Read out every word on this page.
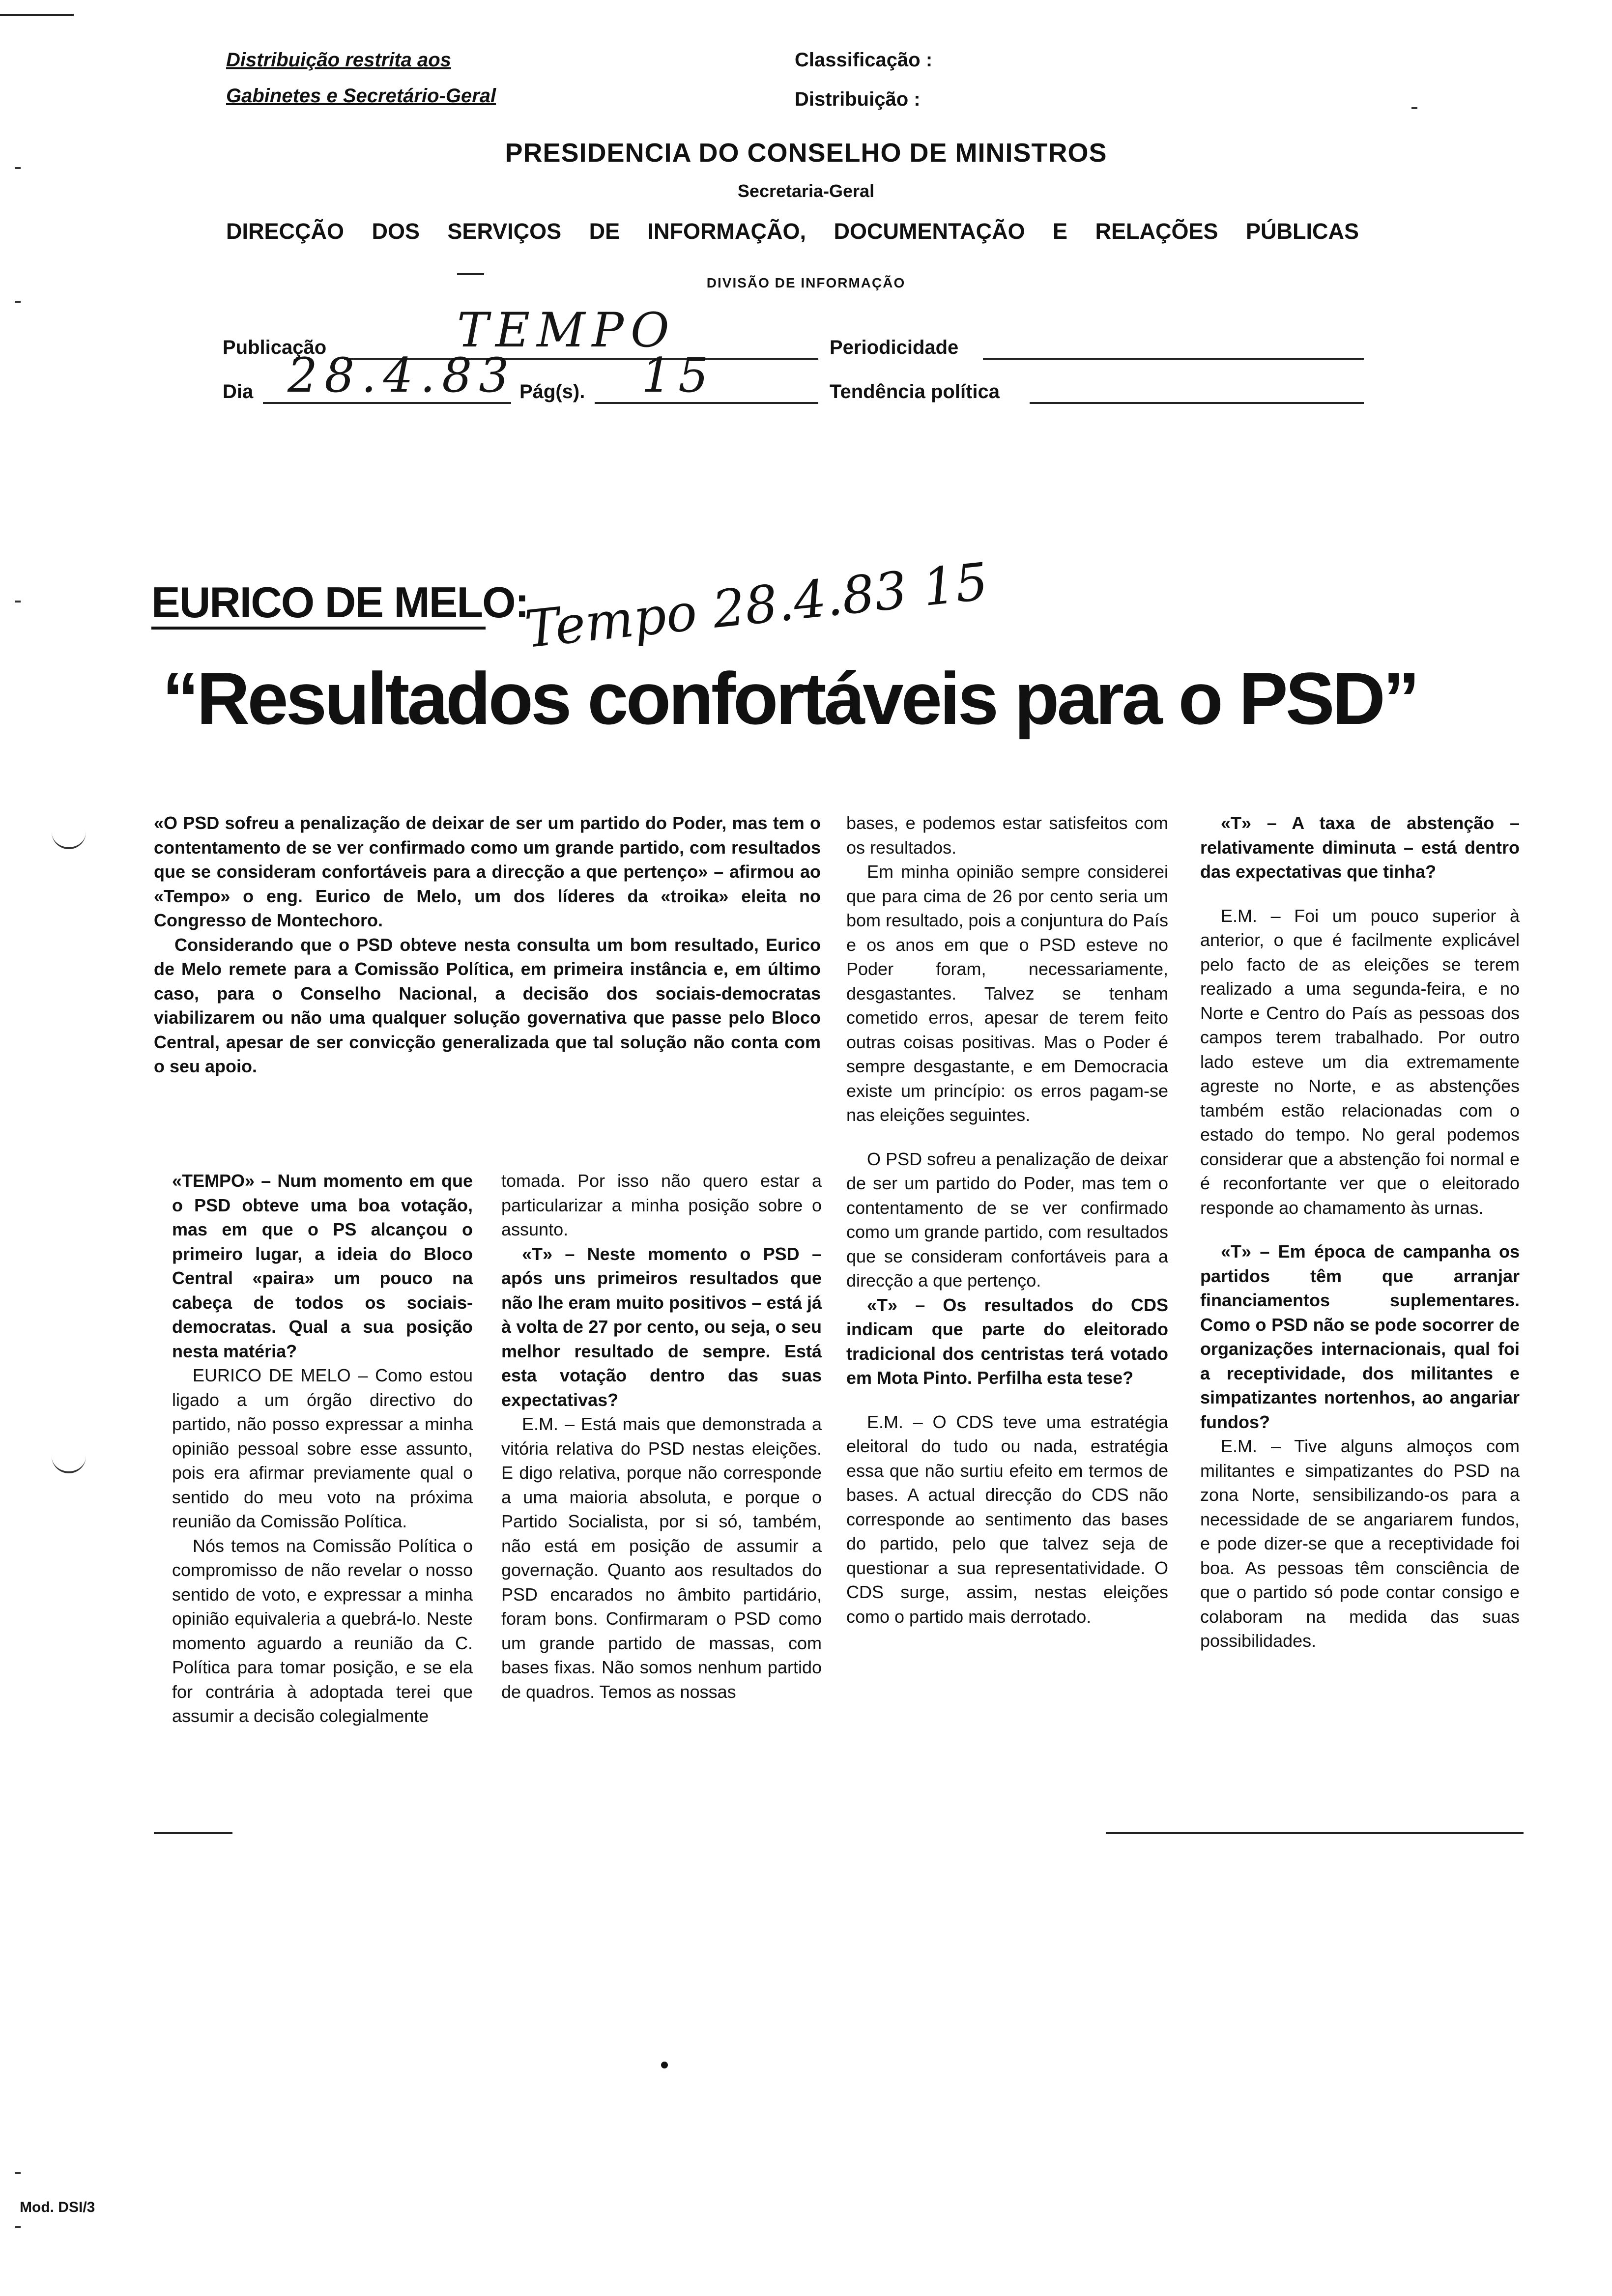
Distribuição restrita aos
Gabinetes e Secretário-Geral
Classificação :
Distribuição :
PRESIDENCIA DO CONSELHO DE MINISTROS
Secretaria-Geral
DIRECÇÃO DOS SERVIÇOS DE INFORMAÇÃO, DOCUMENTAÇÃO E RELAÇÕES PÚBLICAS
DIVISÃO DE INFORMAÇÃO
Publicação	TEMPO	Periodicidade
Dia 28.4.83 Pág(s). 15	Tendência política
EURICO DE MELO:
Tempo 28.4.83 15
“Resultados confortáveis para o PSD”

«O PSD sofreu a penalização de deixar de ser um partido do Poder, mas tem o contentamento de se ver confirmado como um grande partido, com resultados que se consideram confortáveis para a direcção a que pertenço» – afirmou ao «Tempo» o eng. Eurico de Melo, um dos líderes da «troika» eleita no Congresso de Montechoro.

Considerando que o PSD obteve nesta consulta um bom resultado, Eurico de Melo remete para a Comissão Política, em primeira instância e, em último caso, para o Conselho Nacional, a decisão dos sociais-democratas viabilizarem ou não uma qualquer solução governativa que passe pelo Bloco Central, apesar de ser convicção generalizada que tal solução não conta com o seu apoio.

«TEMPO» – Num momento em que o PSD obteve uma boa votação, mas em que o PS alcançou o primeiro lugar, a ideia do Bloco Central «paira» um pouco na cabeça de todos os sociais-democratas. Qual a sua posição nesta matéria?

EURICO DE MELO – Como estou ligado a um órgão directivo do partido, não posso expressar a minha opinião pessoal sobre esse assunto, pois era afirmar previamente qual o sentido do meu voto na próxima reunião da Comissão Política.

Nós temos na Comissão Política o compromisso de não revelar o nosso sentido de voto, e expressar a minha opinião equivaleria a quebrá-lo. Neste momento aguardo a reunião da C. Política para tomar posição, e se ela for contrária à adoptada terei que assumir a decisão colegialmente

tomada. Por isso não quero estar a particularizar a minha posição sobre o assunto.

«T» – Neste momento o PSD – após uns primeiros resultados que não lhe eram muito positivos – está já à volta de 27 por cento, ou seja, o seu melhor resultado de sempre. Está esta votação dentro das suas expectativas?

E.M. – Está mais que demonstrada a vitória relativa do PSD nestas eleições. E digo relativa, porque não corresponde a uma maioria absoluta, e porque o Partido Socialista, por si só, também, não está em posição de assumir a governação. Quanto aos resultados do PSD encarados no âmbito partidário, foram bons. Confirmaram o PSD como um grande partido de massas, com bases fixas. Não somos nenhum partido de quadros. Temos as nossas

bases, e podemos estar satisfeitos com os resultados.

Em minha opinião sempre considerei que para cima de 26 por cento seria um bom resultado, pois a conjuntura do País e os anos em que o PSD esteve no Poder foram, necessariamente, desgastantes. Talvez se tenham cometido erros, apesar de terem feito outras coisas positivas. Mas o Poder é sempre desgastante, e em Democracia existe um princípio: os erros pagam-se nas eleições seguintes.

O PSD sofreu a penalização de deixar de ser um partido do Poder, mas tem o contentamento de se ver confirmado como um grande partido, com resultados que se consideram confortáveis para a direcção a que pertenço.

«T» – Os resultados do CDS indicam que parte do eleitorado tradicional dos centristas terá votado em Mota Pinto. Perfilha esta tese?

E.M. – O CDS teve uma estratégia eleitoral do tudo ou nada, estratégia essa que não surtiu efeito em termos de bases. A actual direcção do CDS não corresponde ao sentimento das bases do partido, pelo que talvez seja de questionar a sua representatividade. O CDS surge, assim, nestas eleições como o partido mais derrotado.

«T» – A taxa de abstenção – relativamente diminuta – está dentro das expectativas que tinha?

E.M. – Foi um pouco superior à anterior, o que é facilmente explicável pelo facto de as eleições se terem realizado a uma segunda-feira, e no Norte e Centro do País as pessoas dos campos terem trabalhado. Por outro lado esteve um dia extremamente agreste no Norte, e as abstenções também estão relacionadas com o estado do tempo. No geral podemos considerar que a abstenção foi normal e é reconfortante ver que o eleitorado responde ao chamamento às urnas.

«T» – Em época de campanha os partidos têm que arranjar financiamentos suplementares. Como o PSD não se pode socorrer de organizações internacionais, qual foi a receptividade, dos militantes e simpatizantes nortenhos, ao angariar fundos?

E.M. – Tive alguns almoços com militantes e simpatizantes do PSD na zona Norte, sensibilizando-os para a necessidade de se angariarem fundos, e pode dizer-se que a receptividade foi boa. As pessoas têm consciência de que o partido só pode contar consigo e colaboram na medida das suas possibilidades.

Mod. DSI/3
